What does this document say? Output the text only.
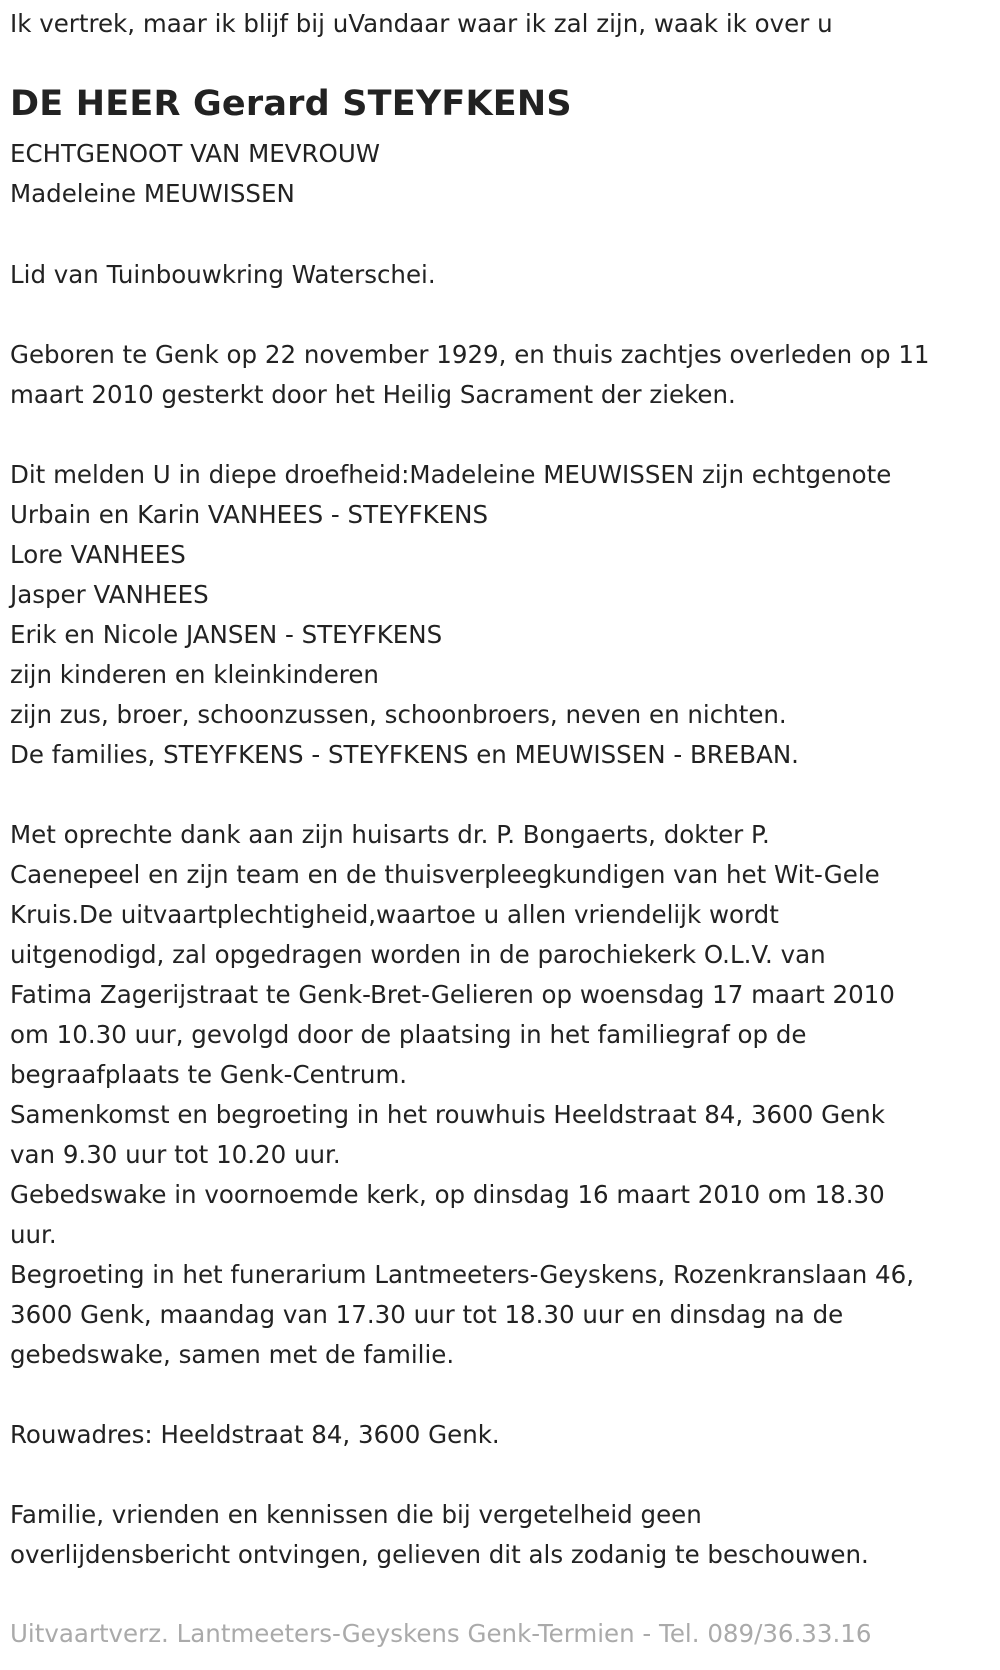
Ik vertrek, maar ik blijf bij uVandaar waar ik zal zijn, waak ik over u

DE HEER Gerard STEYFKENS

ECHTGENOOT VAN MEVROUW

Madeleine MEUWISSEN

Lid van Tuinbouwkring Waterschei.

Geboren te Genk op 22 november 1929, en thuis zachtjes overleden op 11

maart 2010 gesterkt door het Heilig Sacrament der zieken.

Dit melden U in diepe droefheid:Madeleine MEUWISSEN zijn echtgenote

Urbain en Karin VANHEES - STEYFKENS

Lore VANHEES

Jasper VANHEES

Erik en Nicole JANSEN - STEYFKENS

zijn kinderen en kleinkinderen

zijn zus, broer, schoonzussen, schoonbroers, neven en nichten.

De families, STEYFKENS - STEYFKENS en MEUWISSEN - BREBAN.

Met oprechte dank aan zijn huisarts dr. P. Bongaerts, dokter P.

Caenepeel en zijn team en de thuisverpleegkundigen van het Wit-Gele

Kruis.De uitvaartplechtigheid,waartoe u allen vriendelijk wordt

uitgenodigd, zal opgedragen worden in de parochiekerk O.L.V. van

Fatima Zagerijstraat te Genk-Bret-Gelieren op woensdag 17 maart 2010

om 10.30 uur, gevolgd door de plaatsing in het familiegraf op de

begraafplaats te Genk-Centrum.

Samenkomst en begroeting in het rouwhuis Heeldstraat 84, 3600 Genk

van 9.30 uur tot 10.20 uur.

Gebedswake in voornoemde kerk, op dinsdag 16 maart 2010 om 18.30

uur.

Begroeting in het funerarium Lantmeeters-Geyskens, Rozenkranslaan 46,

3600 Genk, maandag van 17.30 uur tot 18.30 uur en dinsdag na de

gebedswake, samen met de familie.

Rouwadres: Heeldstraat 84, 3600 Genk.

Familie, vrienden en kennissen die bij vergetelheid geen

overlijdensbericht ontvingen, gelieven dit als zodanig te beschouwen.

Uitvaartverz. Lantmeeters-Geyskens Genk-Termien - Tel. 089/36.33.16
